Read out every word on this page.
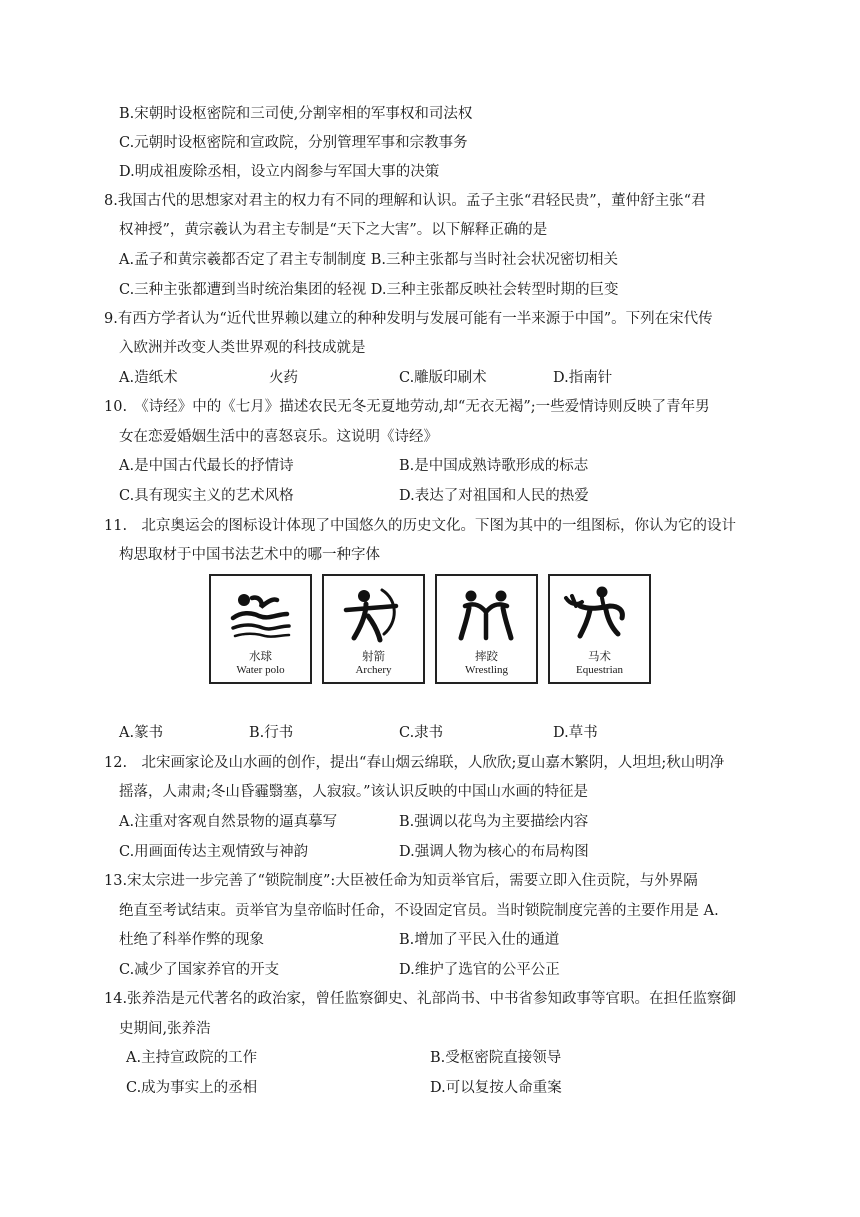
B.宋朝时设枢密院和三司使,分割宰相的军事权和司法权
C.元朝时设枢密院和宣政院，分别管理军事和宗教事务
D.明成祖废除丞相，设立内阁参与军国大事的决策
8.我国古代的思想家对君主的权力有不同的理解和认识。孟子主张“君轻民贵”，董仲舒主张“君
权神授”，黄宗羲认为君主专制是“天下之大害”。以下解释正确的是
A.孟子和黄宗羲都否定了君主专制制度 B.三种主张都与当时社会状况密切相关
C.三种主张都遭到当时统治集团的轻视 D.三种主张都反映社会转型时期的巨变
9.有西方学者认为“近代世界赖以建立的种种发明与发展可能有一半来源于中国”。下列在宋代传
入欧洲并改变人类世界观的科技成就是
A.造纸术	火药	C.雕版印刷术	D.指南针
10.　《诗经》中的《七月》描述农民无冬无夏地劳动,却“无衣无褐”;一些爱情诗则反映了青年男
女在恋爱婚姻生活中的喜怒哀乐。这说明《诗经》
A.是中国古代最长的抒情诗	B.是中国成熟诗歌形成的标志
C.具有现实主义的艺术风格	D.表达了对祖国和人民的热爱
11.　北京奥运会的图标设计体现了中国悠久的历史文化。下图为其中的一组图标，你认为它的设计
构思取材于中国书法艺术中的哪一种字体
水球
Water polo
射箭
Archery
摔跤
Wrestling
马术
Equestrian
A.篆书	B.行书	C.隶书	D.草书
12.　北宋画家论及山水画的创作，提出“春山烟云绵联，人欣欣;夏山嘉木繁阴，人坦坦;秋山明净
摇落，人肃肃;冬山昏霾翳塞，人寂寂。”该认识反映的中国山水画的特征是
A.注重对客观自然景物的逼真摹写	B.强调以花鸟为主要描绘内容
C.用画面传达主观情致与神韵	D.强调人物为核心的布局构图
13.宋太宗进一步完善了“锁院制度”:大臣被任命为知贡举官后，需要立即入住贡院，与外界隔
绝直至考试结束。贡举官为皇帝临时任命，不设固定官员。当时锁院制度完善的主要作用是 A.
杜绝了科举作弊的现象	B.增加了平民入仕的通道
C.减少了国家养官的开支	D.维护了选官的公平公正
14.张养浩是元代著名的政治家，曾任监察御史、礼部尚书、中书省参知政事等官职。在担任监察御
史期间,张养浩
A.主持宣政院的工作	B.受枢密院直接领导
C.成为事实上的丞相	D.可以复按人命重案
